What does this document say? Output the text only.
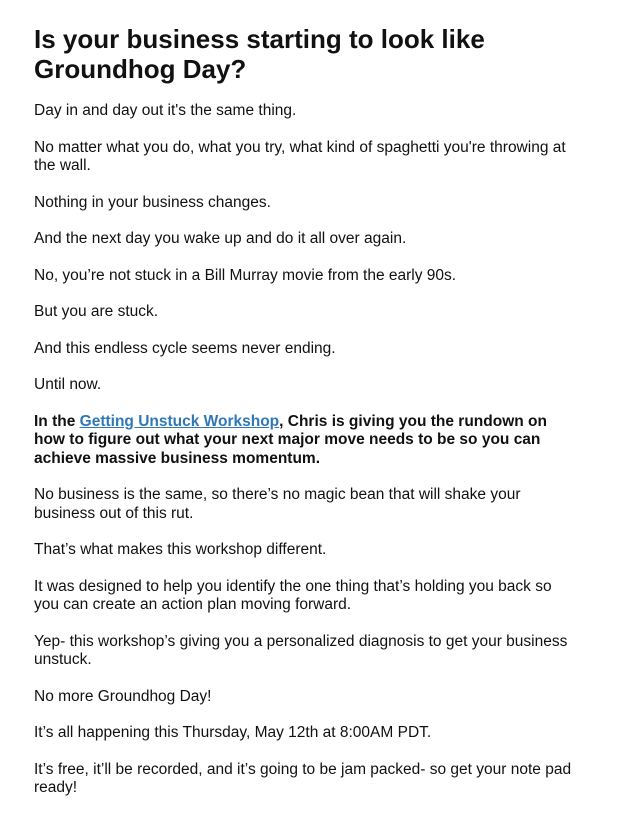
Is your business starting to look like Groundhog Day?

Day in and day out it's the same thing.

No matter what you do, what you try, what kind of spaghetti you're throwing at the wall.

Nothing in your business changes.

And the next day you wake up and do it all over again.

No, you’re not stuck in a Bill Murray movie from the early 90s.

But you are stuck.

And this endless cycle seems never ending.

Until now.

In the Getting Unstuck Workshop, Chris is giving you the rundown on how to figure out what your next major move needs to be so you can achieve massive business momentum.

No business is the same, so there’s no magic bean that will shake your business out of this rut.

That’s what makes this workshop different.

It was designed to help you identify the one thing that’s holding you back so you can create an action plan moving forward.

Yep- this workshop’s giving you a personalized diagnosis to get your business unstuck.

No more Groundhog Day!

It’s all happening this Thursday, May 12th at 8:00AM PDT.

It’s free, it’ll be recorded, and it’s going to be jam packed- so get your note pad ready!
